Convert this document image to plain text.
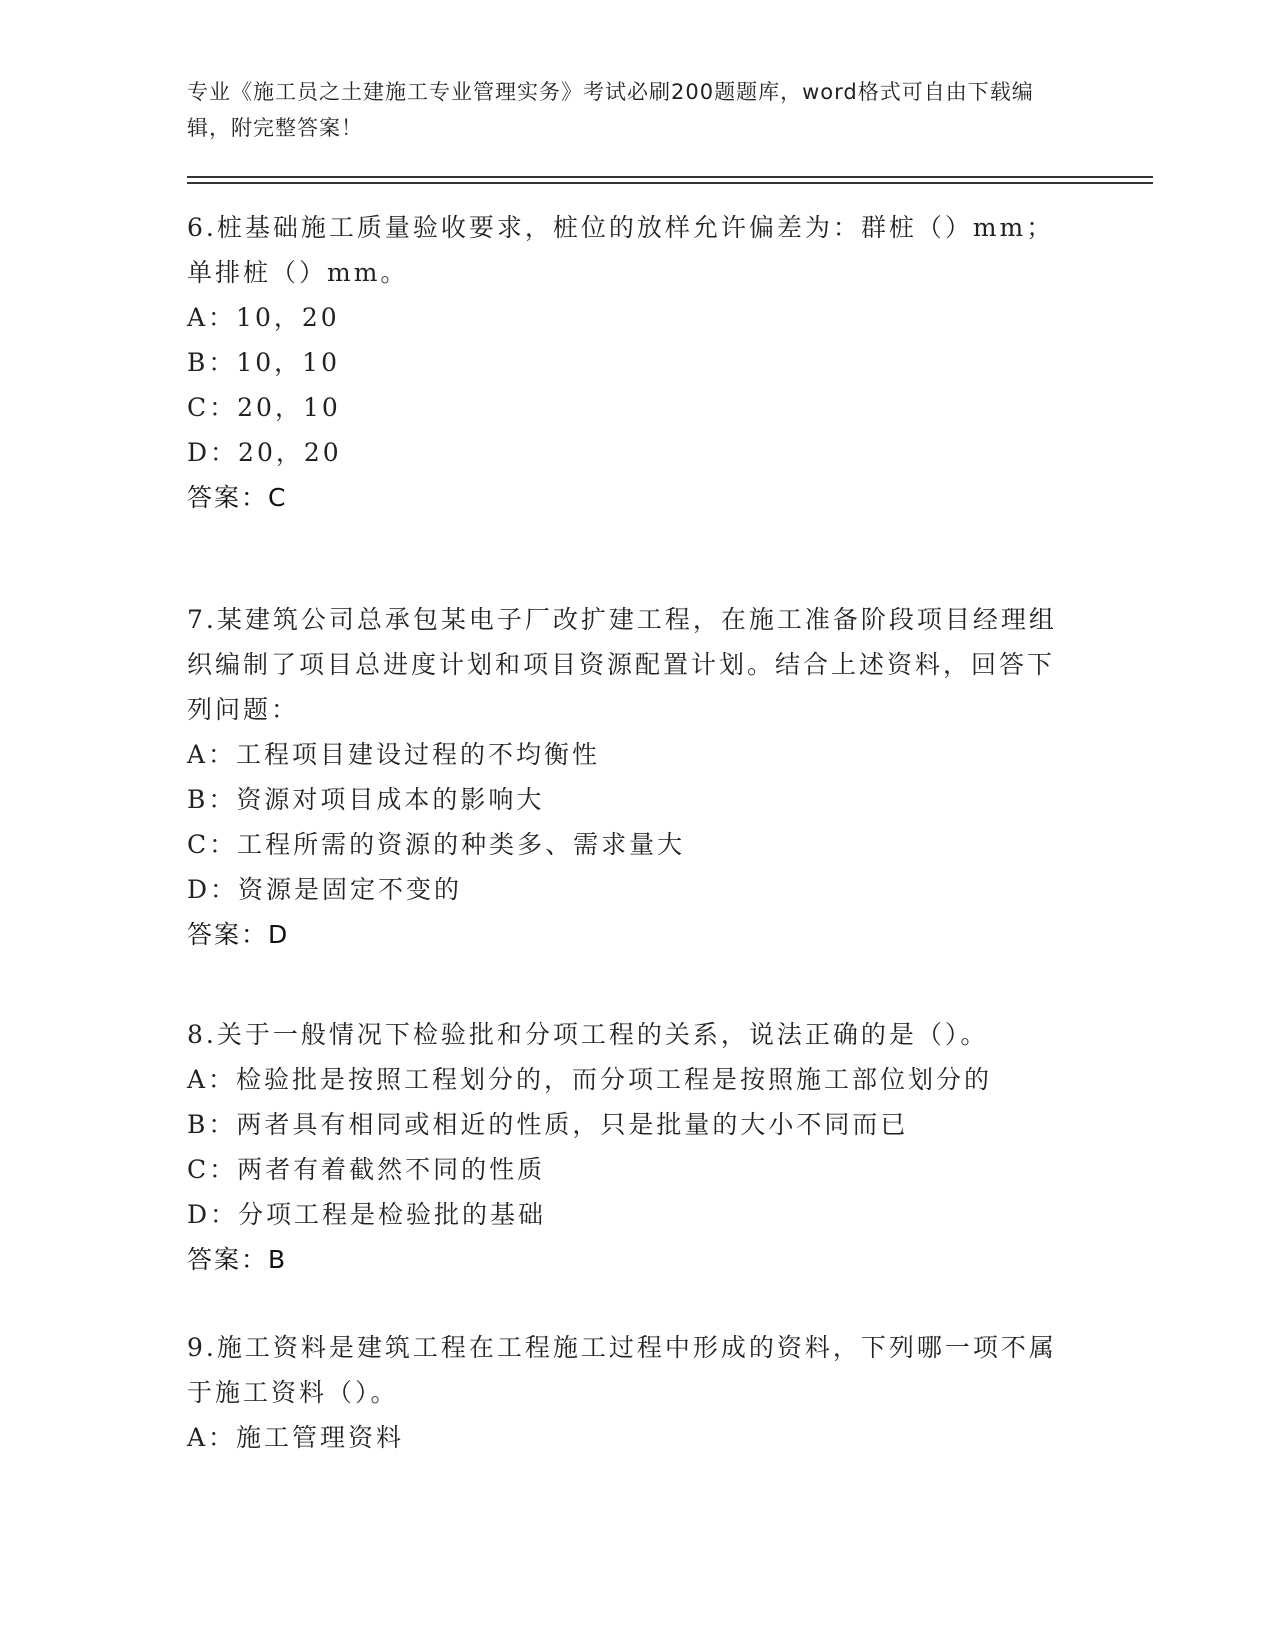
专业《施工员之土建施工专业管理实务》考试必刷200题题库，word格式可自由下载编辑，附完整答案！

6.桩基础施工质量验收要求，桩位的放样允许偏差为：群桩（）mm；单排桩（）mm。

A：10，20

B：10，10

C：20，10

D：20，20

答案：C

7.某建筑公司总承包某电子厂改扩建工程，在施工准备阶段项目经理组织编制了项目总进度计划和项目资源配置计划。结合上述资料，回答下列问题：

A：工程项目建设过程的不均衡性

B：资源对项目成本的影响大

C：工程所需的资源的种类多、需求量大

D：资源是固定不变的

答案：D

8.关于一般情况下检验批和分项工程的关系，说法正确的是（）。

A：检验批是按照工程划分的，而分项工程是按照施工部位划分的

B：两者具有相同或相近的性质，只是批量的大小不同而已

C：两者有着截然不同的性质

D：分项工程是检验批的基础

答案：B

9.施工资料是建筑工程在工程施工过程中形成的资料，下列哪一项不属于施工资料（）。

A：施工管理资料
